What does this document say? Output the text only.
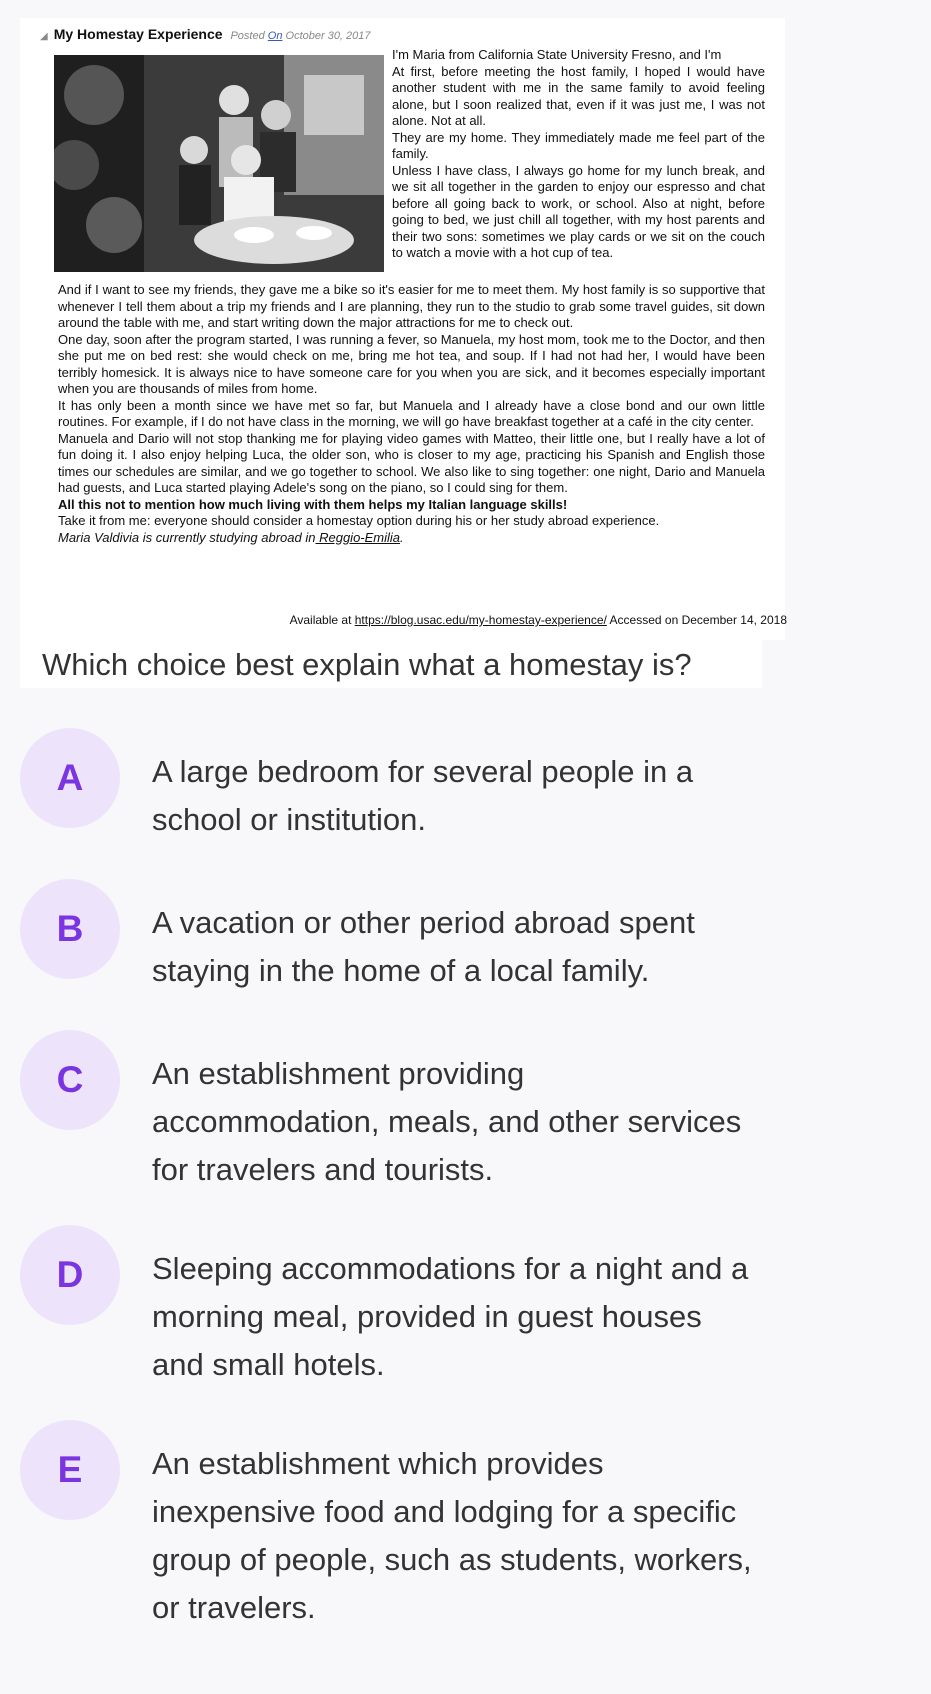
◢ My Homestay Experience Posted On October 30, 2017

I'm Maria from California State University Fresno, and I'm

At first, before meeting the host family, I hoped I would have another student with me in the same family to avoid feeling alone, but I soon realized that, even if it was just me, I was not alone. Not at all.

They are my home. They immediately made me feel part of the family.

Unless I have class, I always go home for my lunch break, and we sit all together in the garden to enjoy our espresso and chat before all going back to work, or school. Also at night, before going to bed, we just chill all together, with my host parents and their two sons: sometimes we play cards or we sit on the couch to watch a movie with a hot cup of tea.

And if I want to see my friends, they gave me a bike so it's easier for me to meet them. My host family is so supportive that whenever I tell them about a trip my friends and I are planning, they run to the studio to grab some travel guides, sit down around the table with me, and start writing down the major attractions for me to check out.

One day, soon after the program started, I was running a fever, so Manuela, my host mom, took me to the Doctor, and then she put me on bed rest: she would check on me, bring me hot tea, and soup. If I had not had her, I would have been terribly homesick. It is always nice to have someone care for you when you are sick, and it becomes especially important when you are thousands of miles from home.

It has only been a month since we have met so far, but Manuela and I already have a close bond and our own little routines. For example, if I do not have class in the morning, we will go have breakfast together at a café in the city center.

Manuela and Dario will not stop thanking me for playing video games with Matteo, their little one, but I really have a lot of fun doing it. I also enjoy helping Luca, the older son, who is closer to my age, practicing his Spanish and English those times our schedules are similar, and we go together to school. We also like to sing together: one night, Dario and Manuela had guests, and Luca started playing Adele's song on the piano, so I could sing for them.

All this not to mention how much living with them helps my Italian language skills!

Take it from me: everyone should consider a homestay option during his or her study abroad experience.

Maria Valdivia is currently studying abroad in Reggio-Emilia.

Available at https://blog.usac.edu/my-homestay-experience/ Accessed on December 14, 2018
Which choice best explain what a homestay is?
A	A large bedroom for several people in a school or institution.
B	A vacation or other period abroad spent staying in the home of a local family.
C	An establishment providing accommodation, meals, and other services for travelers and tourists.
D	Sleeping accommodations for a night and a morning meal, provided in guest houses and small hotels.
E	An establishment which provides inexpensive food and lodging for a specific group of people, such as students, workers, or travelers.
